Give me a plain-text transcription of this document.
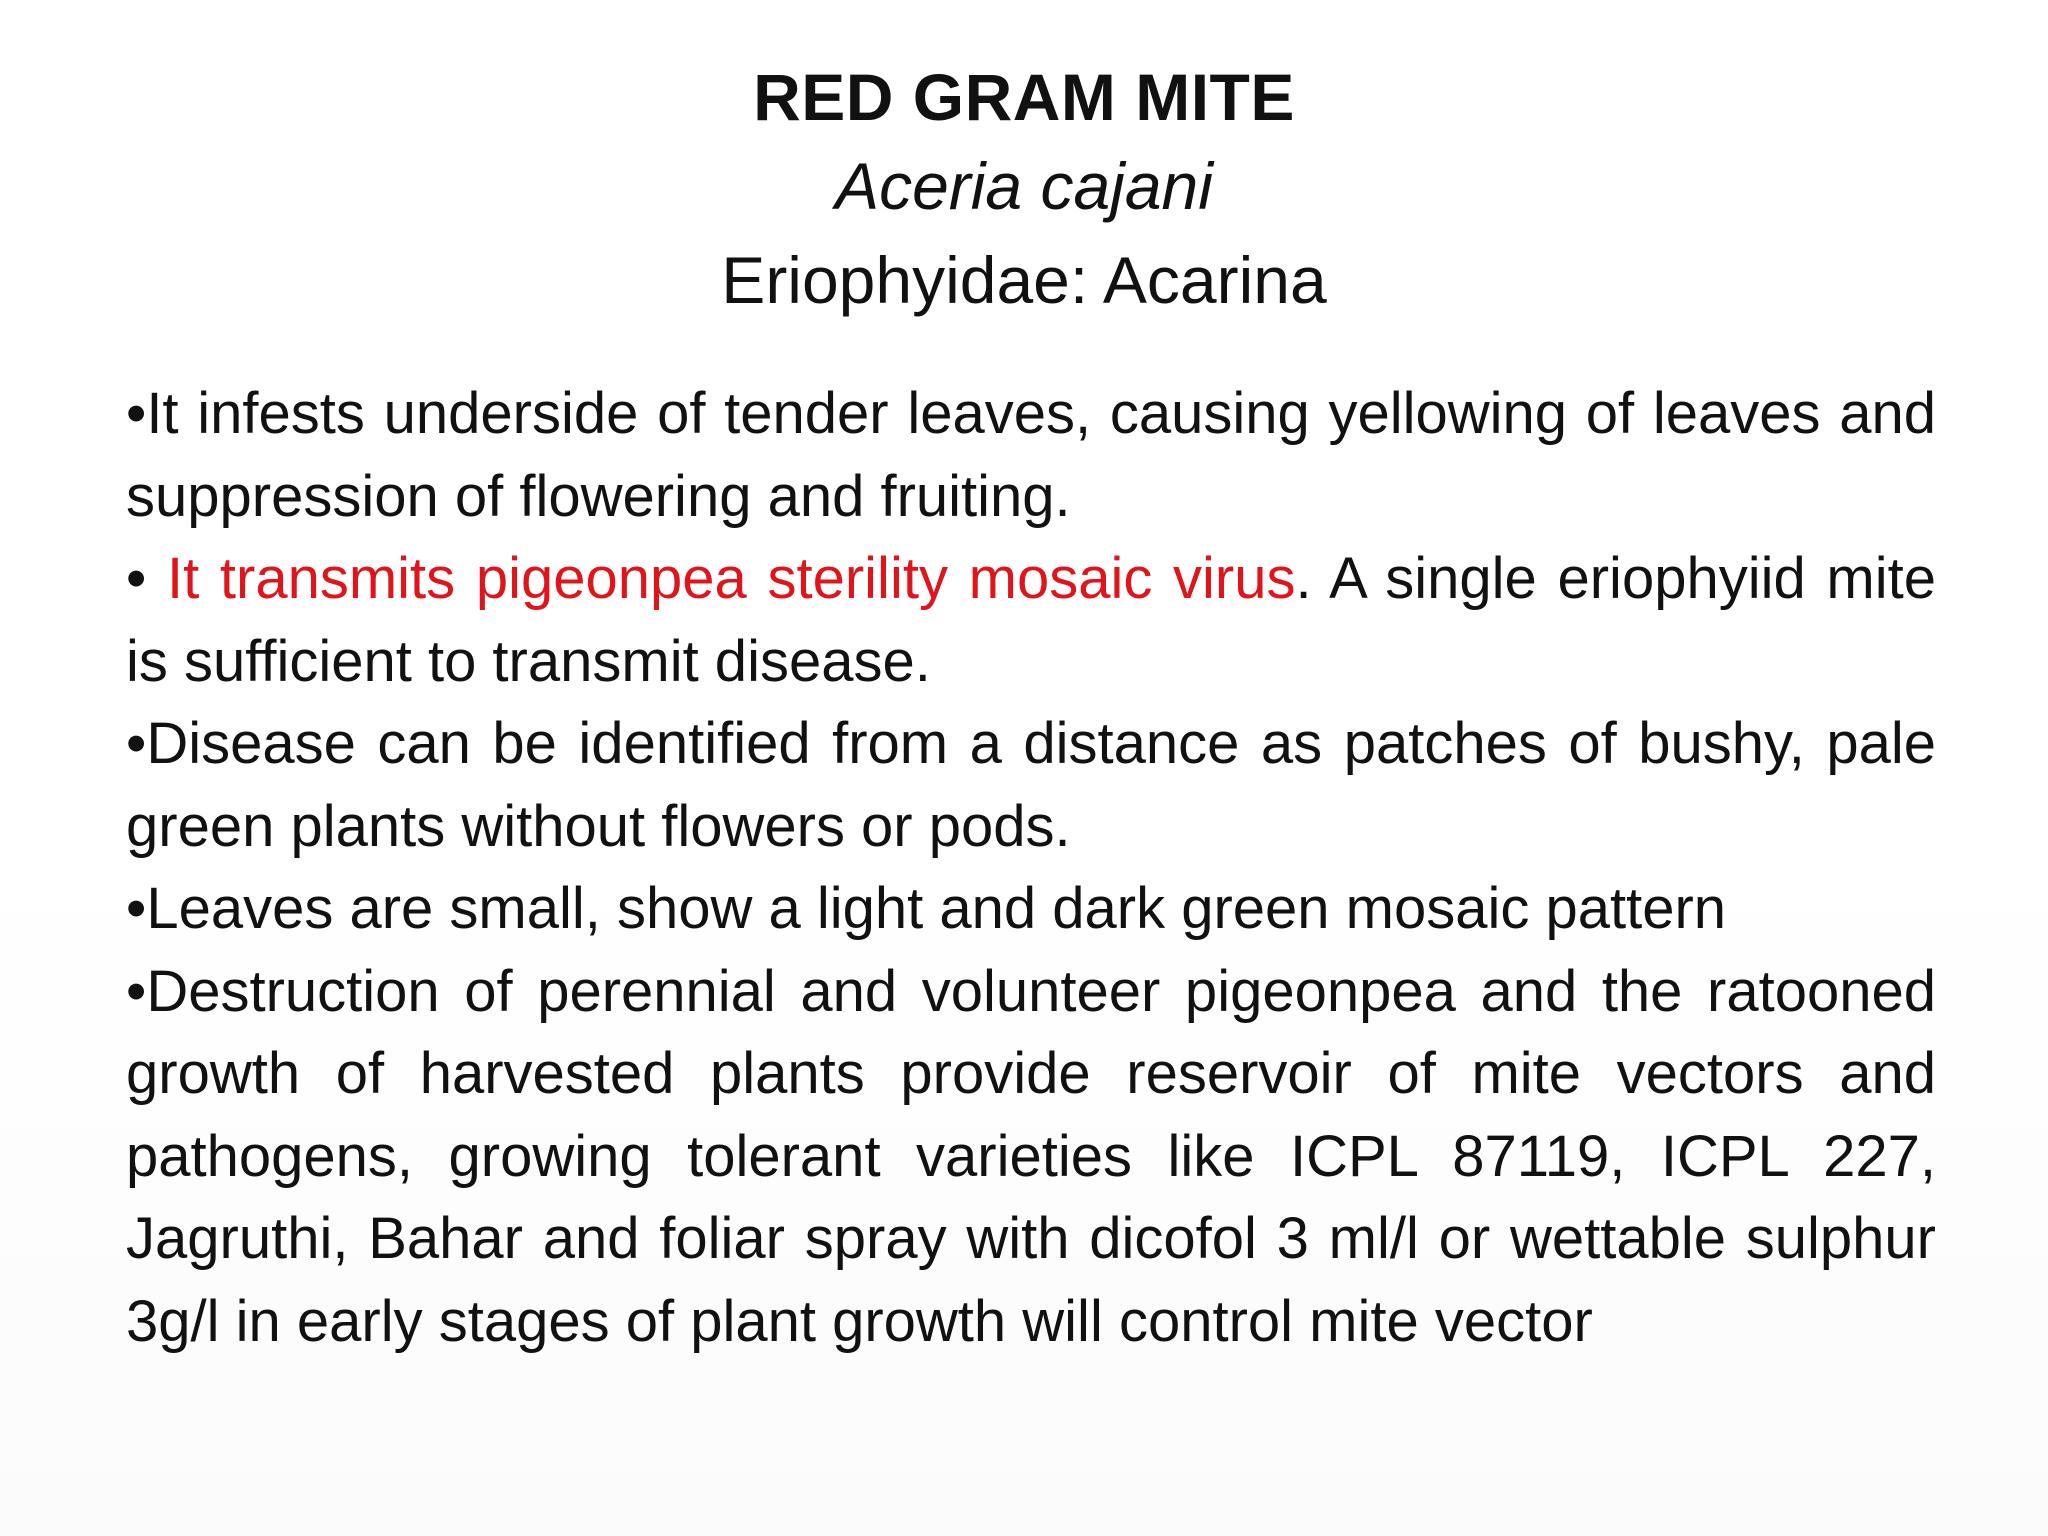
RED GRAM MITE
Aceria cajani
Eriophyidae: Acarina

•It infests underside of tender leaves, causing yellowing of leaves and suppression of flowering and fruiting.

• It transmits pigeonpea sterility mosaic virus. A single eriophyiid mite is sufficient to transmit disease.

•Disease can be identified from a distance as patches of bushy, pale green plants without flowers or pods.

•Leaves are small, show a light and dark green mosaic pattern

•Destruction of perennial and volunteer pigeonpea and the ratooned growth of harvested plants provide reservoir of mite vectors and pathogens, growing tolerant varieties like ICPL 87119, ICPL 227, Jagruthi, Bahar and foliar spray with dicofol 3 ml/l or wettable sulphur 3g/l in early stages of plant growth will control mite vector
